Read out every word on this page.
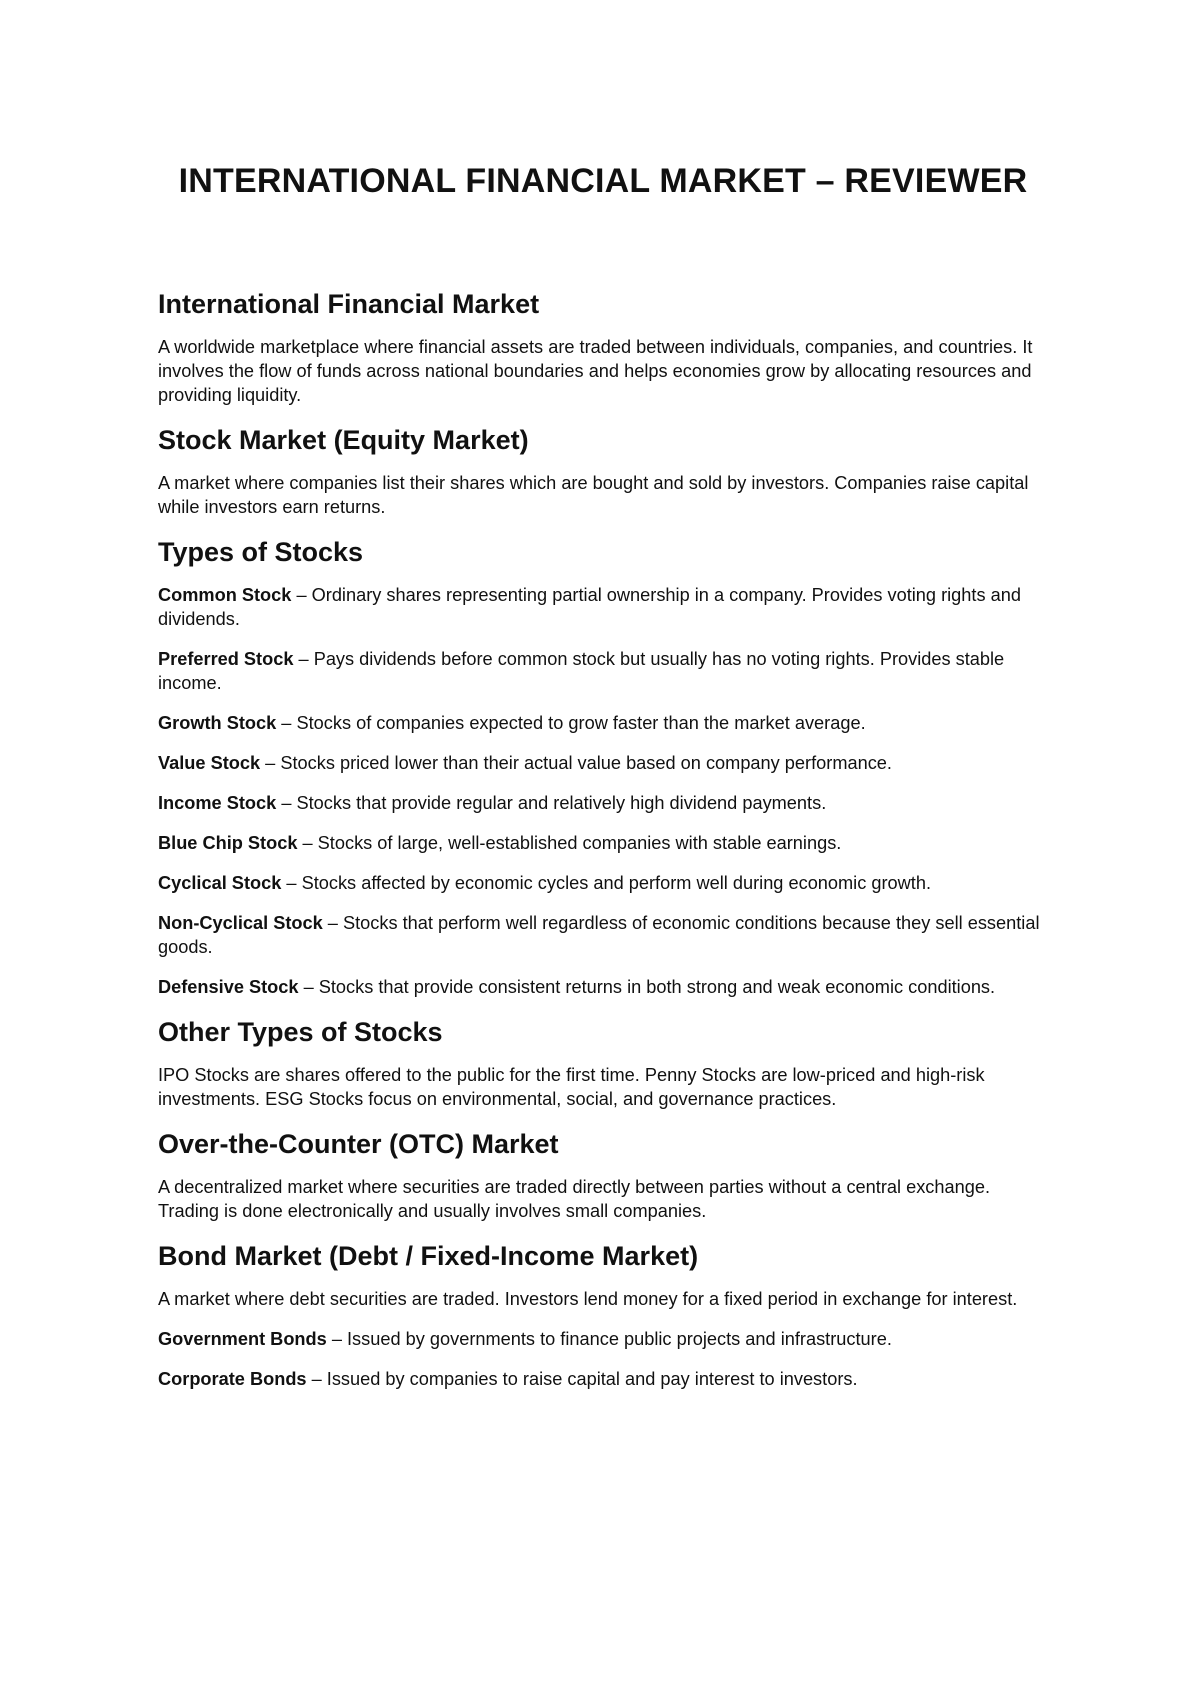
INTERNATIONAL FINANCIAL MARKET – REVIEWER
International Financial Market

A worldwide marketplace where financial assets are traded between individuals, companies, and countries. It involves the flow of funds across national boundaries and helps economies grow by allocating resources and providing liquidity.

Stock Market (Equity Market)

A market where companies list their shares which are bought and sold by investors. Companies raise capital while investors earn returns.

Types of Stocks

Common Stock – Ordinary shares representing partial ownership in a company. Provides voting rights and dividends.

Preferred Stock – Pays dividends before common stock but usually has no voting rights. Provides stable income.

Growth Stock – Stocks of companies expected to grow faster than the market average.

Value Stock – Stocks priced lower than their actual value based on company performance.

Income Stock – Stocks that provide regular and relatively high dividend payments.

Blue Chip Stock – Stocks of large, well-established companies with stable earnings.

Cyclical Stock – Stocks affected by economic cycles and perform well during economic growth.

Non-Cyclical Stock – Stocks that perform well regardless of economic conditions because they sell essential goods.

Defensive Stock – Stocks that provide consistent returns in both strong and weak economic conditions.

Other Types of Stocks

IPO Stocks are shares offered to the public for the first time. Penny Stocks are low-priced and high-risk investments. ESG Stocks focus on environmental, social, and governance practices.

Over-the-Counter (OTC) Market

A decentralized market where securities are traded directly between parties without a central exchange. Trading is done electronically and usually involves small companies.

Bond Market (Debt / Fixed-Income Market)

A market where debt securities are traded. Investors lend money for a fixed period in exchange for interest.

Government Bonds – Issued by governments to finance public projects and infrastructure.

Corporate Bonds – Issued by companies to raise capital and pay interest to investors.
